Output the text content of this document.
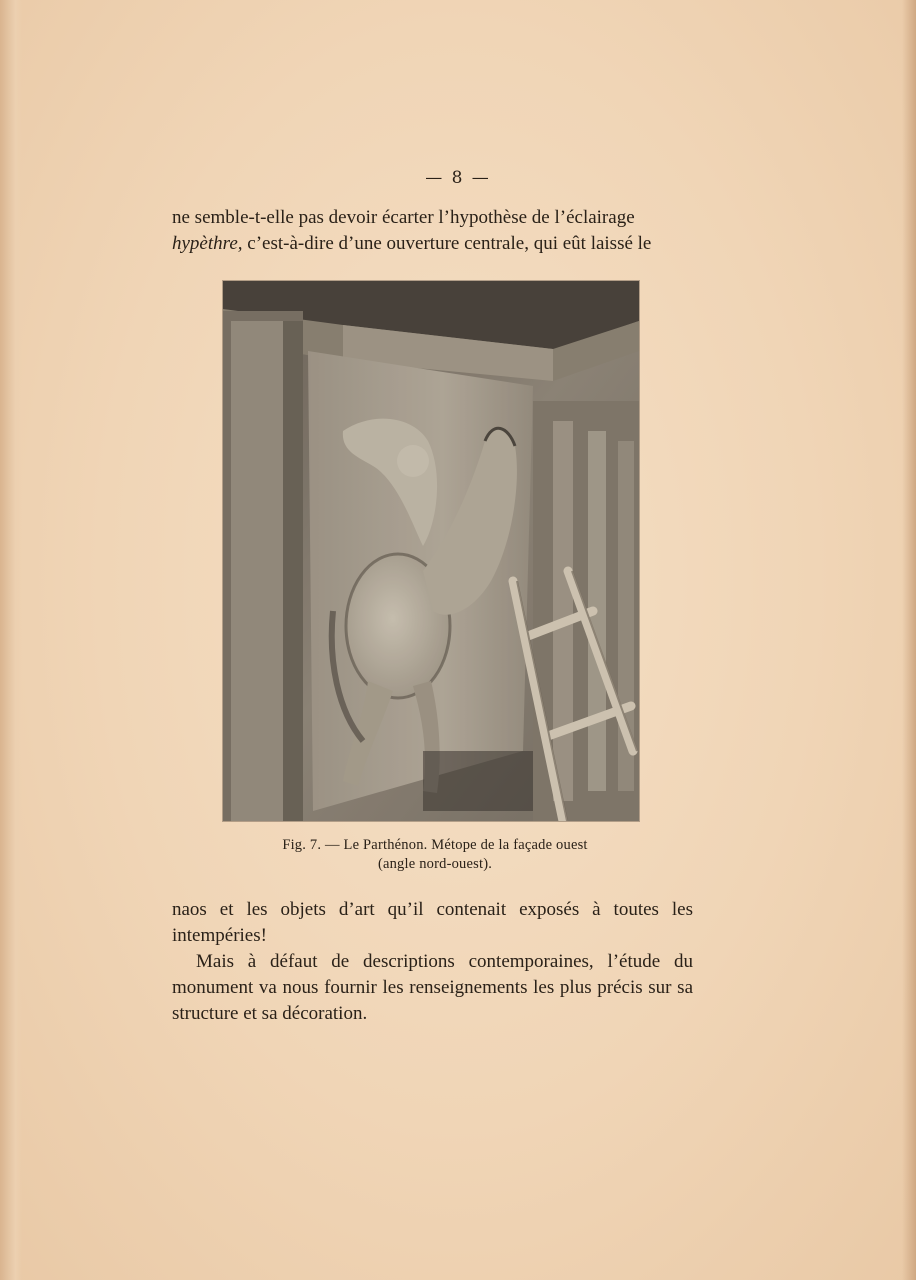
— 8 —

ne semble-t-elle pas devoir écarter l’hypothèse de l’éclairage

hypèthre, c’est-à-dire d’une ouverture centrale, qui eût laissé le

Fig. 7. — Le Parthénon. Métope de la façade ouest
(angle nord-ouest).

naos et les objets d’art qu’il contenait exposés à toutes les intempéries!

Mais à défaut de descriptions contemporaines, l’étude du monument va nous fournir les renseignements les plus précis sur sa structure et sa décoration.
